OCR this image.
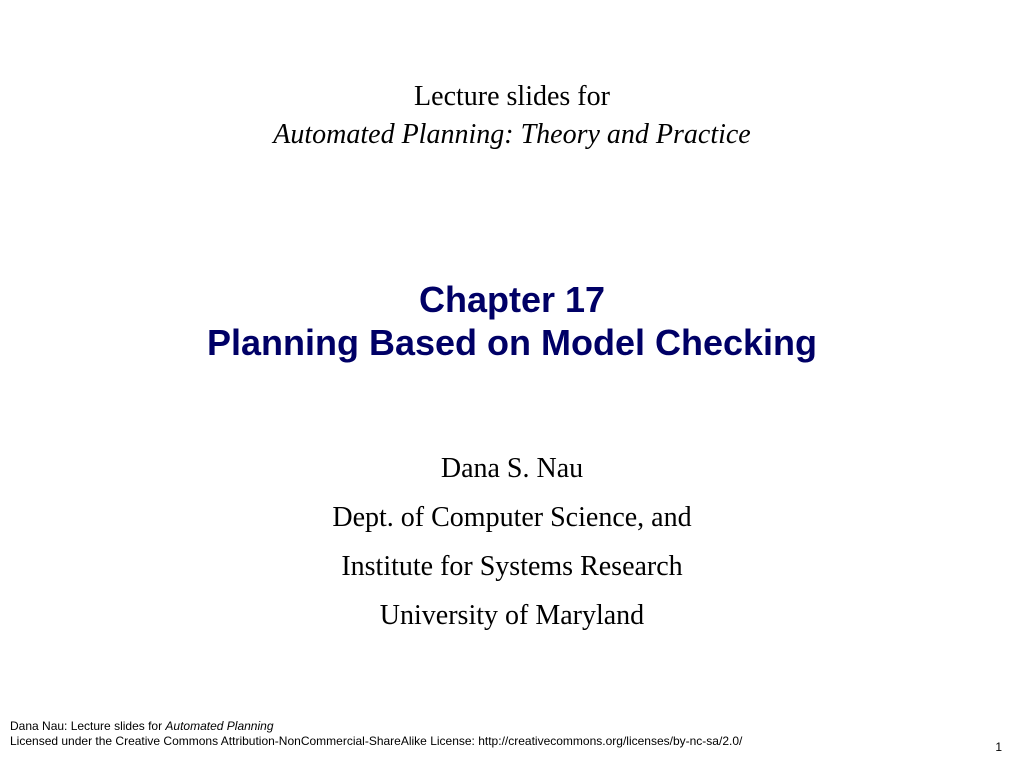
Lecture slides for
Automated Planning: Theory and Practice
Chapter 17
Planning Based on Model Checking
Dana S. Nau
Dept. of Computer Science, and
Institute for Systems Research
University of Maryland
Dana Nau: Lecture slides for Automated Planning
Licensed under the Creative Commons Attribution-NonCommercial-ShareAlike License: http://creativecommons.org/licenses/by-nc-sa/2.0/	1
